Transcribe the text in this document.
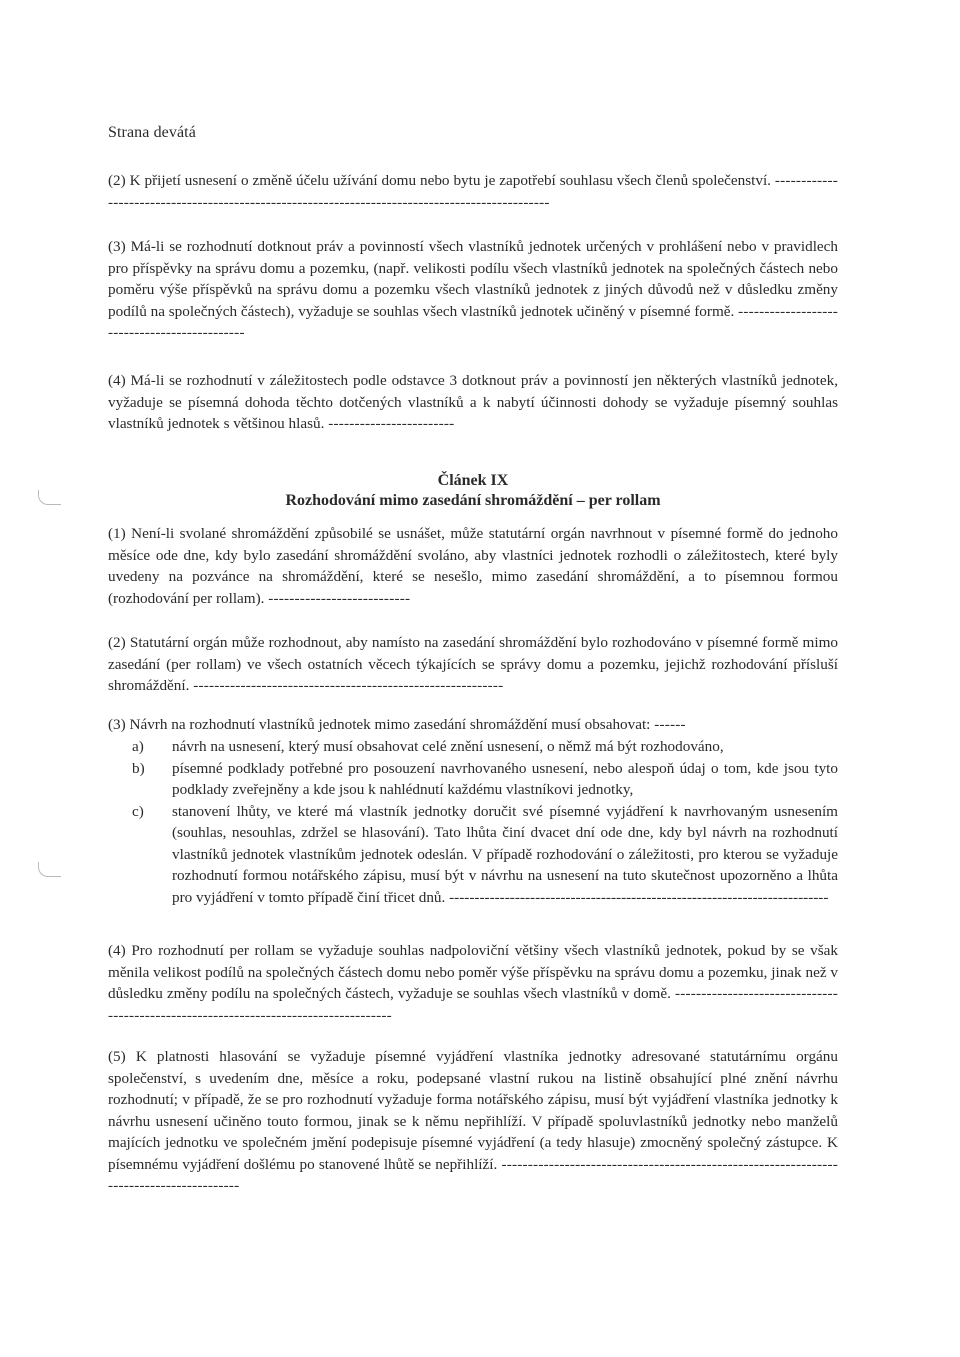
Strana devátá

(2) K přijetí usnesení o změně účelu užívání domu nebo bytu je zapotřebí souhlasu všech členů společenství. ------------------------------------------------------------------------------------------------

(3) Má-li se rozhodnutí dotknout práv a povinností všech vlastníků jednotek určených v prohlášení nebo v pravidlech pro příspěvky na správu domu a pozemku, (např. velikosti podílu všech vlastníků jednotek na společných částech nebo poměru výše příspěvků na správu domu a pozemku všech vlastníků jednotek z jiných důvodů než v důsledku změny podílů na společných částech), vyžaduje se souhlas všech vlastníků jednotek učiněný v písemné formě. ---------------------------------------------

(4) Má-li se rozhodnutí v záležitostech podle odstavce 3 dotknout práv a povinností jen některých vlastníků jednotek, vyžaduje se písemná dohoda těchto dotčených vlastníků a k nabytí účinnosti dohody se vyžaduje písemný souhlas vlastníků jednotek s většinou hlasů. ------------------------

Článek IX
Rozhodování mimo zasedání shromáždění – per rollam

(1) Není-li svolané shromáždění způsobilé se usnášet, může statutární orgán navrhnout v písemné formě do jednoho měsíce ode dne, kdy bylo zasedání shromáždění svoláno, aby vlastníci jednotek rozhodli o záležitostech, které byly uvedeny na pozvánce na shromáždění, které se nesešlo, mimo zasedání shromáždění, a to písemnou formou (rozhodování per rollam). ---------------------------

(2) Statutární orgán může rozhodnout, aby namísto na zasedání shromáždění bylo rozhodováno v písemné formě mimo zasedání (per rollam) ve všech ostatních věcech týkajících se správy domu a pozemku, jejichž rozhodování přísluší shromáždění. -----------------------------------------------------------

(3) Návrh na rozhodnutí vlastníků jednotek mimo zasedání shromáždění musí obsahovat: ------

a)	návrh na usnesení, který musí obsahovat celé znění usnesení, o němž má být rozhodováno,
b)	písemné podklady potřebné pro posouzení navrhovaného usnesení, nebo alespoň údaj o tom, kde jsou tyto podklady zveřejněny a kde jsou k nahlédnutí každému vlastníkovi jednotky,
c)	stanovení lhůty, ve které má vlastník jednotky doručit své písemné vyjádření k navrhovaným usnesením (souhlas, nesouhlas, zdržel se hlasování). Tato lhůta činí dvacet dní ode dne, kdy byl návrh na rozhodnutí vlastníků jednotek vlastníkům jednotek odeslán. V případě rozhodování o záležitosti, pro kterou se vyžaduje rozhodnutí formou notářského zápisu, musí být v návrhu na usnesení na tuto skutečnost upozorněno a lhůta pro vyjádření v tomto případě činí třicet dnů. ---------------------------------------------------------------------------

(4) Pro rozhodnutí per rollam se vyžaduje souhlas nadpoloviční většiny všech vlastníků jednotek, pokud by se však měnila velikost podílů na společných částech domu nebo poměr výše příspěvku na správu domu a pozemku, jinak než v důsledku změny podílu na společných částech, vyžaduje se souhlas všech vlastníků v domě. -------------------------------------------------------------------------------------

(5) K platnosti hlasování se vyžaduje písemné vyjádření vlastníka jednotky adresované statutárnímu orgánu společenství, s uvedením dne, měsíce a roku, podepsané vlastní rukou na listině obsahující plné znění návrhu rozhodnutí; v případě, že se pro rozhodnutí vyžaduje forma notářského zápisu, musí být vyjádření vlastníka jednotky k návrhu usnesení učiněno touto formou, jinak se k němu nepřihlíží. V případě spoluvlastníků jednotky nebo manželů majících jednotku ve společném jmění podepisuje písemné vyjádření (a tedy hlasuje) zmocněný společný zástupce. K písemnému vyjádření došlému po stanovené lhůtě se nepřihlíží. -----------------------------------------------------------------------------------------
